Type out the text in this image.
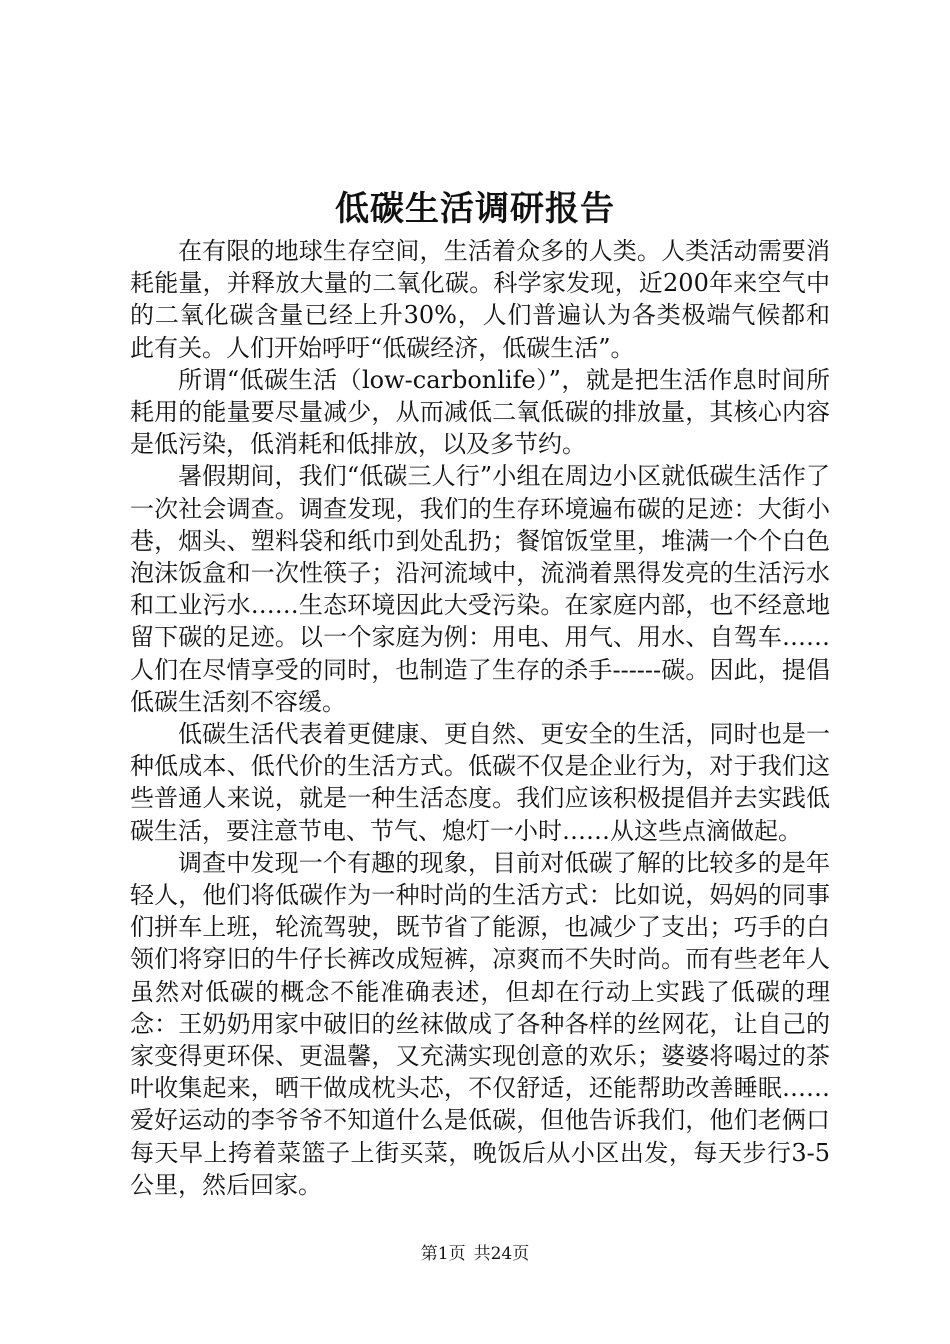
低碳生活调研报告

在有限的地球生存空间，生活着众多的人类。人类活动需要消耗能量，并释放大量的二氧化碳。科学家发现，近200年来空气中的二氧化碳含量已经上升30%，人们普遍认为各类极端气候都和此有关。人们开始呼吁“低碳经济，低碳生活”。

所谓“低碳生活（low-carbonlife）”，就是把生活作息时间所耗用的能量要尽量减少，从而减低二氧低碳的排放量，其核心内容是低污染，低消耗和低排放，以及多节约。

暑假期间，我们“低碳三人行”小组在周边小区就低碳生活作了一次社会调查。调查发现，我们的生存环境遍布碳的足迹：大街小巷，烟头、塑料袋和纸巾到处乱扔；餐馆饭堂里，堆满一个个白色泡沫饭盒和一次性筷子；沿河流域中，流淌着黑得发亮的生活污水和工业污水……生态环境因此大受污染。在家庭内部，也不经意地留下碳的足迹。以一个家庭为例：用电、用气、用水、自驾车……人们在尽情享受的同时，也制造了生存的杀手------碳。因此，提倡低碳生活刻不容缓。

低碳生活代表着更健康、更自然、更安全的生活，同时也是一种低成本、低代价的生活方式。低碳不仅是企业行为，对于我们这些普通人来说，就是一种生活态度。我们应该积极提倡并去实践低碳生活，要注意节电、节气、熄灯一小时……从这些点滴做起。

调查中发现一个有趣的现象，目前对低碳了解的比较多的是年轻人，他们将低碳作为一种时尚的生活方式：比如说，妈妈的同事们拼车上班，轮流驾驶，既节省了能源，也减少了支出；巧手的白领们将穿旧的牛仔长裤改成短裤，凉爽而不失时尚。而有些老年人虽然对低碳的概念不能准确表述，但却在行动上实践了低碳的理念：王奶奶用家中破旧的丝袜做成了各种各样的丝网花，让自己的家变得更环保、更温馨，又充满实现创意的欢乐；婆婆将喝过的茶叶收集起来，晒干做成枕头芯，不仅舒适，还能帮助改善睡眠……爱好运动的李爷爷不知道什么是低碳，但他告诉我们，他们老俩口每天早上挎着菜篮子上街买菜，晚饭后从小区出发，每天步行3-5公里，然后回家。

第1页 共24页
